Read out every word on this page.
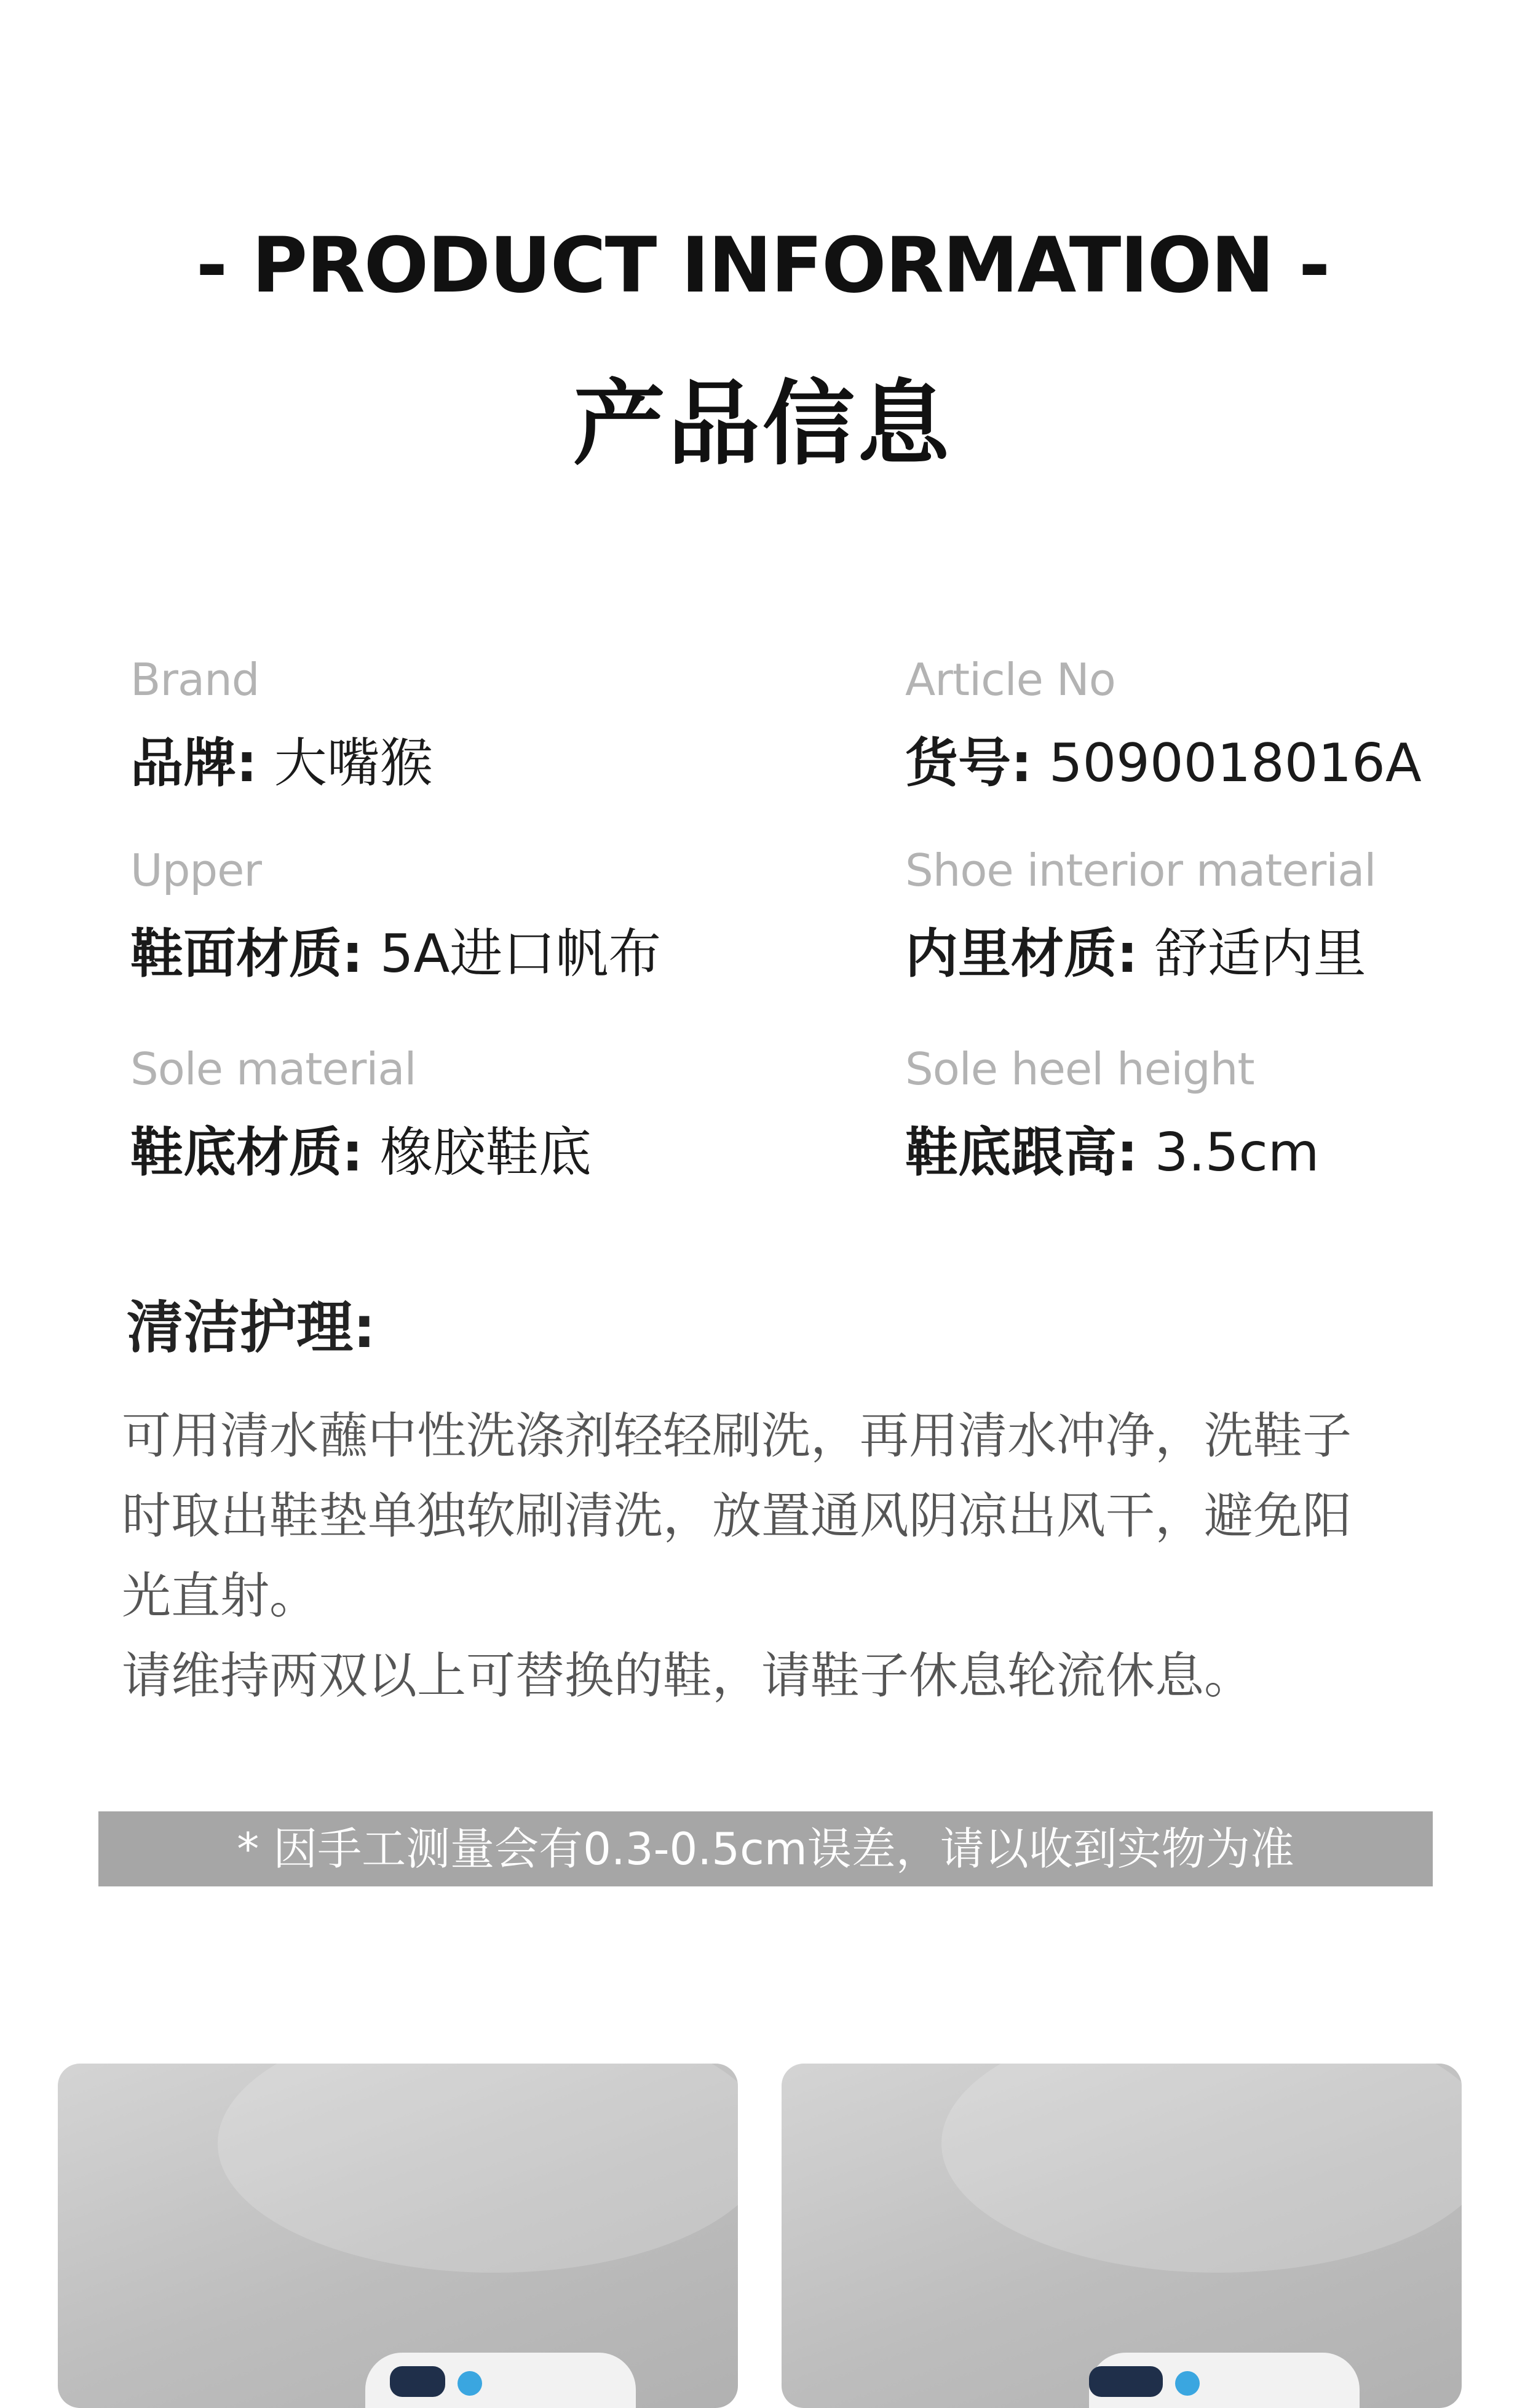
- PRODUCT INFORMATION -
产品信息
Brand
品牌: 大嘴猴
Article No
货号: 5090018016A
Upper
鞋面材质: 5A进口帆布
Shoe interior material
内里材质: 舒适内里
Sole material
鞋底材质: 橡胶鞋底
Sole heel height
鞋底跟高: 3.5cm
清洁护理:

可用清水蘸中性洗涤剂轻轻刷洗，再用清水冲净，洗鞋子

时取出鞋垫单独软刷清洗，放置通风阴凉出风干，避免阳

光直射。

请维持两双以上可替换的鞋，请鞋子休息轮流休息。

* 因手工测量会有0.3-0.5cm误差，请以收到实物为准
